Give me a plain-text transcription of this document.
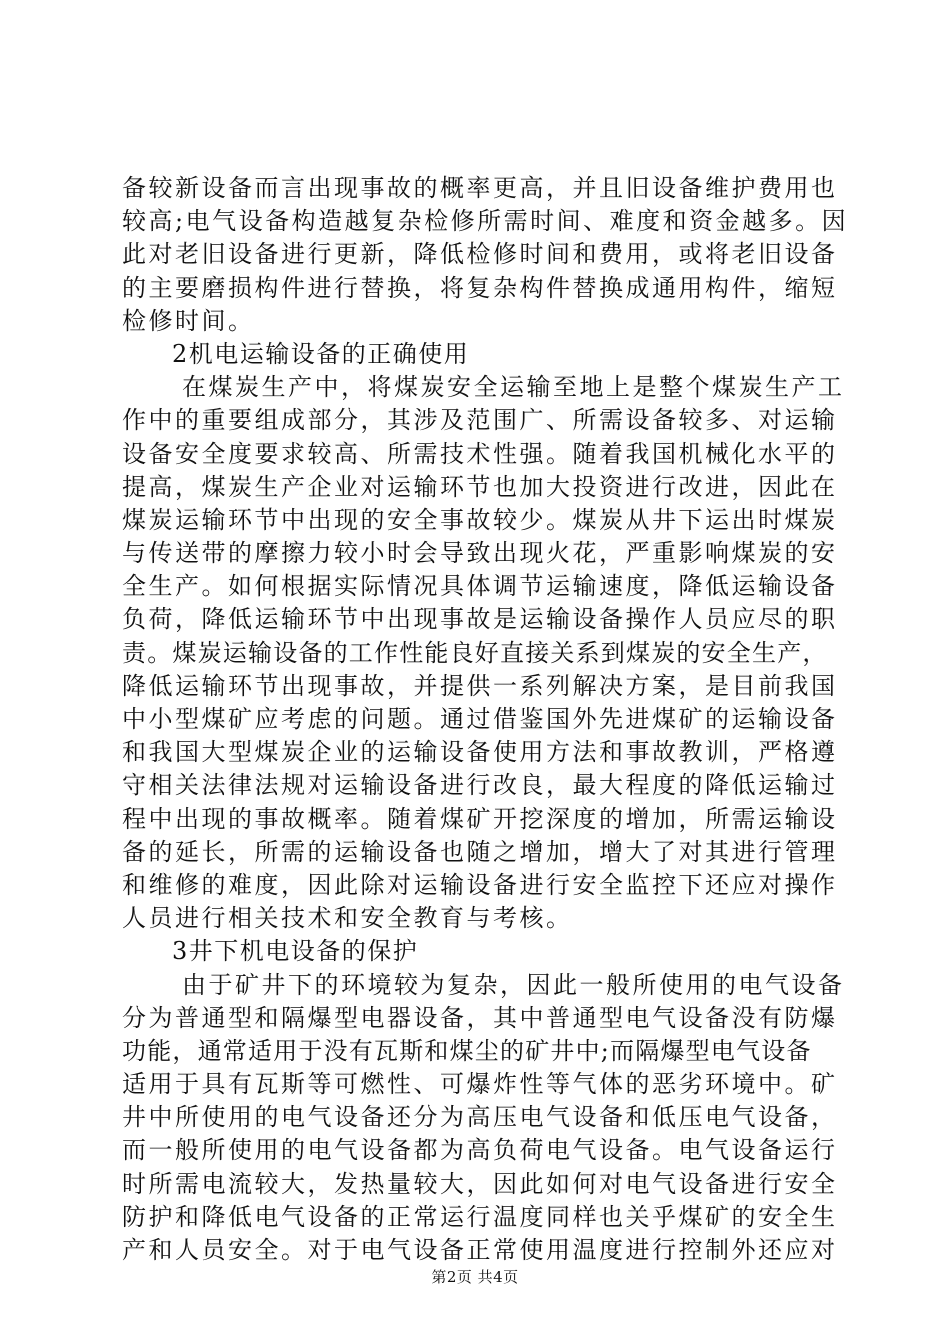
备较新设备而言出现事故的概率更高，并且旧设备维护费用也
较高;电气设备构造越复杂检修所需时间、难度和资金越多。因
此对老旧设备进行更新，降低检修时间和费用，或将老旧设备
的主要磨损构件进行替换，将复杂构件替换成通用构件，缩短
检修时间。
2机电运输设备的正确使用
在煤炭生产中，将煤炭安全运输至地上是整个煤炭生产工
作中的重要组成部分，其涉及范围广、所需设备较多、对运输
设备安全度要求较高、所需技术性强。随着我国机械化水平的
提高，煤炭生产企业对运输环节也加大投资进行改进，因此在
煤炭运输环节中出现的安全事故较少。煤炭从井下运出时煤炭
与传送带的摩擦力较小时会导致出现火花，严重影响煤炭的安
全生产。如何根据实际情况具体调节运输速度，降低运输设备
负荷，降低运输环节中出现事故是运输设备操作人员应尽的职
责。煤炭运输设备的工作性能良好直接关系到煤炭的安全生产，
降低运输环节出现事故，并提供一系列解决方案，是目前我国
中小型煤矿应考虑的问题。通过借鉴国外先进煤矿的运输设备
和我国大型煤炭企业的运输设备使用方法和事故教训，严格遵
守相关法律法规对运输设备进行改良，最大程度的降低运输过
程中出现的事故概率。随着煤矿开挖深度的增加，所需运输设
备的延长，所需的运输设备也随之增加，增大了对其进行管理
和维修的难度，因此除对运输设备进行安全监控下还应对操作
人员进行相关技术和安全教育与考核。
3井下机电设备的保护
由于矿井下的环境较为复杂，因此一般所使用的电气设备
分为普通型和隔爆型电器设备，其中普通型电气设备没有防爆
功能，通常适用于没有瓦斯和煤尘的矿井中;而隔爆型电气设备
适用于具有瓦斯等可燃性、可爆炸性等气体的恶劣环境中。矿
井中所使用的电气设备还分为高压电气设备和低压电气设备，
而一般所使用的电气设备都为高负荷电气设备。电气设备运行
时所需电流较大，发热量较大，因此如何对电气设备进行安全
防护和降低电气设备的正常运行温度同样也关乎煤矿的安全生
产和人员安全。对于电气设备正常使用温度进行控制外还应对
第2页 共4页
